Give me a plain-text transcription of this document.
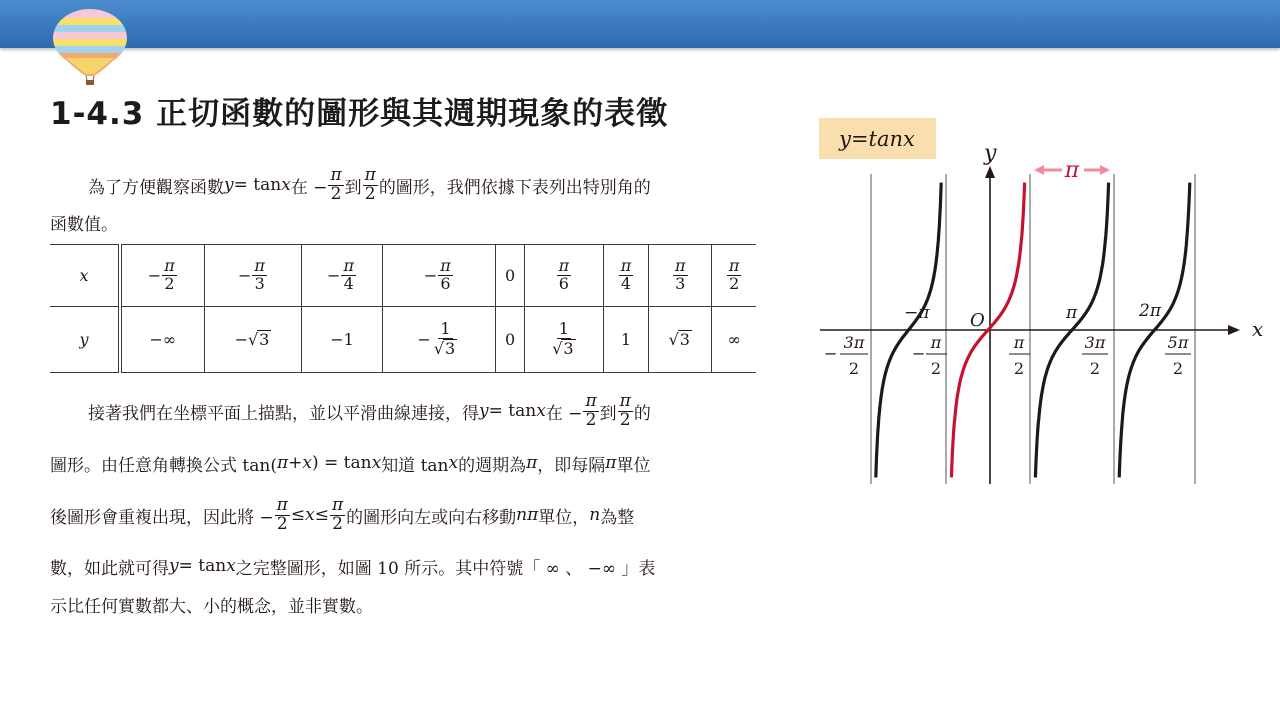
1-4.3 正切函數的圖形與其週期現象的表徵
為了方便觀察函數 y = tan x 在 − $\frac{\pi}{2}$ 到 $\frac{\pi}{2}$ 的圖形，我們依據下表列出特別角的
函數值。
x	− $\frac{\pi}{2}$	− $\frac{\pi}{3}$	− $\frac{\pi}{4}$	− $\frac{\pi}{6}$	0	$\frac{\pi}{6}$	$\frac{\pi}{4}$	$\frac{\pi}{3}$	$\frac{\pi}{2}$

y	−∞	−√3	−1	− $\frac{1}{√3}$	0	$\frac{1}{√3}$	1	√3	∞
接著我們在坐標平面上描點，並以平滑曲線連接，得 y = tan x 在 − $\frac{\pi}{2}$ 到 $\frac{\pi}{2}$ 的
圖形。由任意角轉換公式 tan( π + x ) = tan x 知道 tan x 的週期為 π ，即每隔 π 單位
後圖形會重複出現，因此將 − $\frac{\pi}{2} \le x \le \frac{\pi}{2}$ 的圖形向左或向右移動 n π 單位， n 為整
數，如此就可得 y = tan x 之完整圖形，如圖 10 所示。其中符號「 ∞ 、 −∞ 」表
示比任何實數都大、小的概念，並非實數。
y=tanx
x
y
π
−π	π	2π
O
−
3π
2
−
π
2
π
2
3π
2
5π
2
